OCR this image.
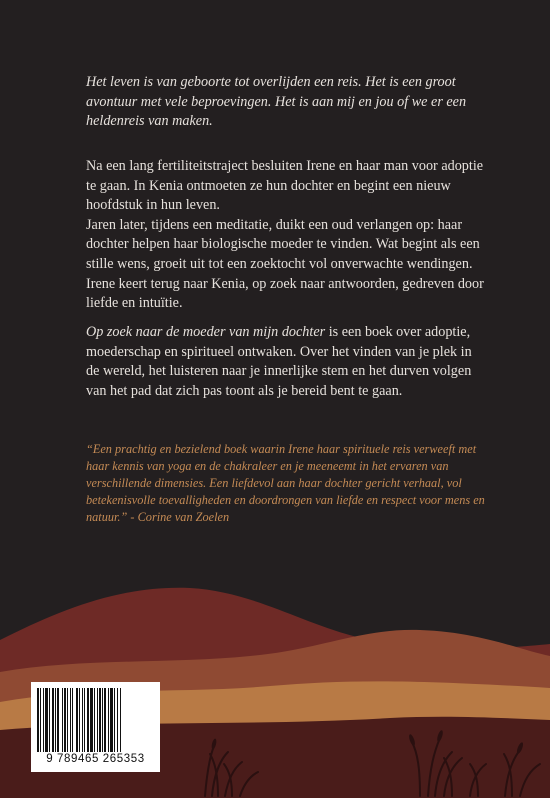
Het leven is van geboorte tot overlijden een reis. Het is een groot avontuur met vele beproevingen. Het is aan mij en jou of we er een heldenreis van maken.

Na een lang fertiliteitstraject besluiten Irene en haar man voor adoptie te gaan. In Kenia ontmoeten ze hun dochter en begint een nieuw hoofdstuk in hun leven.

Jaren later, tijdens een meditatie, duikt een oud verlangen op: haar dochter helpen haar biologische moeder te vinden. Wat begint als een stille wens, groeit uit tot een zoektocht vol onverwachte wendingen. Irene keert terug naar Kenia, op zoek naar antwoorden, gedreven door liefde en intuïtie.

Op zoek naar de moeder van mijn dochter is een boek over adoptie, moederschap en spiritueel ontwaken. Over het vinden van je plek in de wereld, het luisteren naar je innerlijke stem en het durven volgen van het pad dat zich pas toont als je bereid bent te gaan.
“Een prachtig en bezielend boek waarin Irene haar spirituele reis verweeft met haar kennis van yoga en de chakraleer en je meeneemt in het ervaren van verschillende dimensies. Een liefdevol aan haar dochter gericht verhaal, vol betekenisvolle toevalligheden en doordrongen van liefde en respect voor mens en natuur.” - Corine van Zoelen
9 789465 265353
